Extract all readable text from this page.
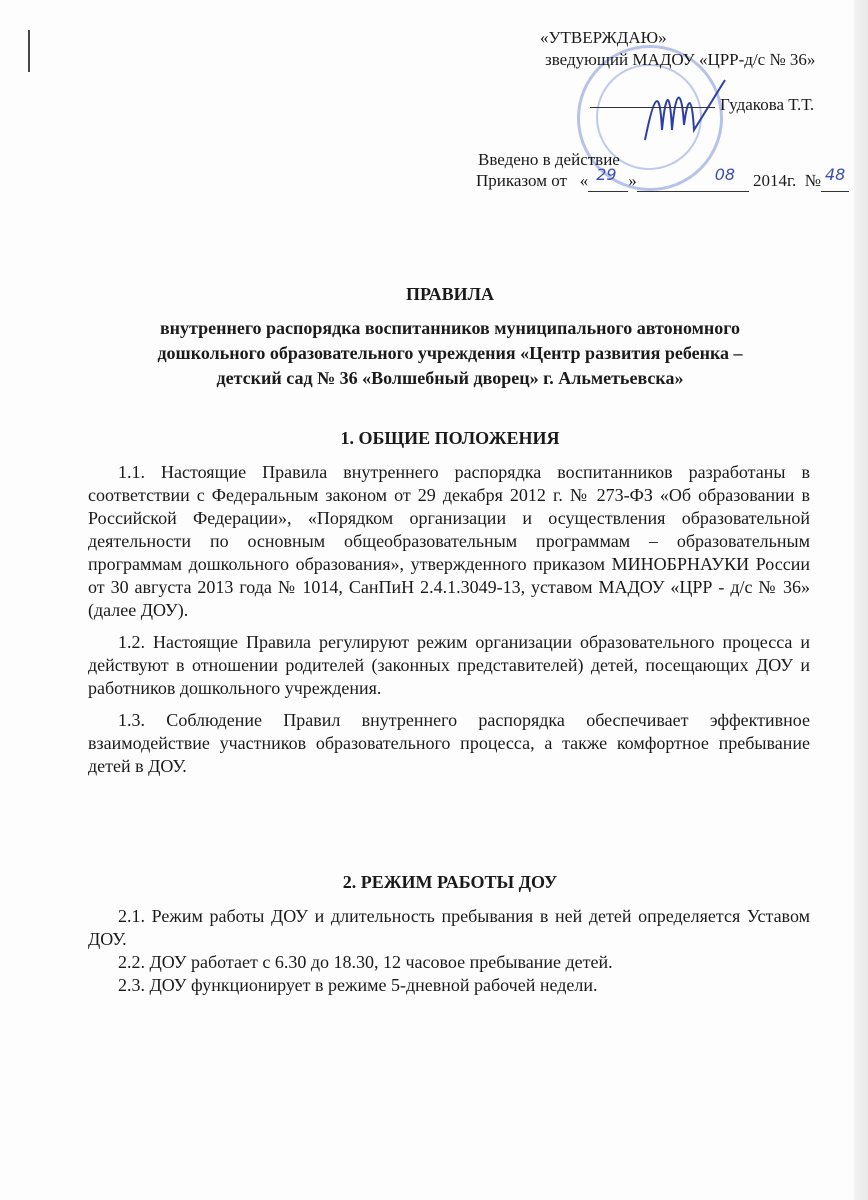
«УТВЕРЖДАЮ»
зведующий МАДОУ «ЦРР-д/с № 36»
Гудакова Т.Т.
Введено в действие
Приказом от « 29 »	08 2014г. № 48

ПРАВИЛА
внутреннего распорядка воспитанников муниципального автономного
дошкольного образовательного учреждения «Центр развития ребенка –
детский сад № 36 «Волшебный дворец» г. Альметьевска»
1. ОБЩИЕ ПОЛОЖЕНИЯ

1.1. Настоящие Правила внутреннего распорядка воспитанников разработаны в соответствии с Федеральным законом от 29 декабря 2012 г. № 273-ФЗ «Об образовании в Российской Федерации», «Порядком организации и осуществления образовательной деятельности по основным общеобразовательным программам – образовательным программам дошкольного образования», утвержденного приказом МИНОБРНАУКИ России от 30 августа 2013 года № 1014, СанПиН 2.4.1.3049-13, уставом МАДОУ «ЦРР - д/с № 36» (далее ДОУ).

1.2. Настоящие Правила регулируют режим организации образовательного процесса и действуют в отношении родителей (законных представителей) детей, посещающих ДОУ и работников дошкольного учреждения.

1.3. Соблюдение Правил внутреннего распорядка обеспечивает эффективное взаимодействие участников образовательного процесса, а также комфортное пребывание детей в ДОУ.

2. РЕЖИМ РАБОТЫ ДОУ

2.1. Режим работы ДОУ и длительность пребывания в ней детей определяется Уставом ДОУ.

2.2. ДОУ работает с 6.30 до 18.30, 12 часовое пребывание детей.

2.3. ДОУ функционирует в режиме 5-дневной рабочей недели.
